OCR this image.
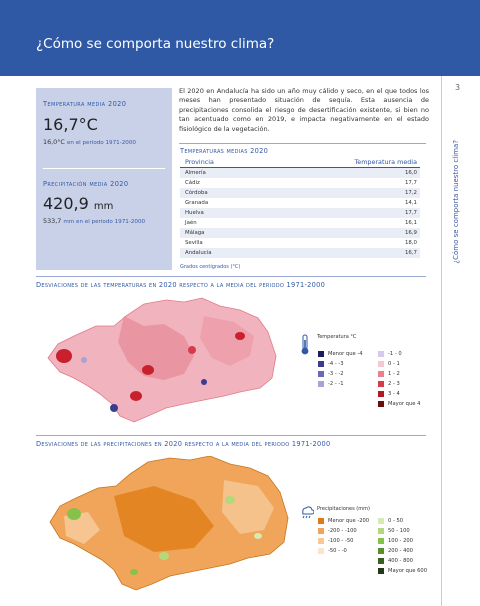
¿Cómo se comporta nuestro clima?
3
¿Cómo se comporta nuestro clima?
Temperatura media 2020
16,7°C
16,0°C en el periodo 1971-2000
Precipitación media 2020
420,9 mm
533,7 mm en el periodo 1971-2000
El 2020 en Andalucía ha sido un año muy cálido y seco, en el que todos los meses han presentado situación de sequía. Esta ausencia de precipitaciones consolida el riesgo de desertificación existente, si bien no tan acentuado como en 2019, e impacta negativamente en el estado fisiológico de la vegetación.
Temperaturas medias 2020
Provincia	Temperatura media
Almería	16,0
Cádiz	17,7
Córdoba	17,2
Granada	14,1
Huelva	17,7
Jaén	16,1
Málaga	16,9
Sevilla	18,0
Andalucía	16,7
Grados centígrados (°C)
Desviaciones de las temperaturas en 2020 respecto a la media del periodo 1971-2000
Temperatura °C
Menor que -4
-4 - -3
-3 - -2
-2 - -1
-1 - 0
0 - 1
1 - 2
2 - 3
3 - 4
Mayor que 4
Desviaciones de las precipitaciones en 2020 respecto a la media del periodo 1971-2000
Precipitaciones (mm)
Menor que -200
-200 - -100
-100 - -50
-50 - -0
0 - 50
50 - 100
100 - 200
200 - 400
400 - 800
Mayor que 600
